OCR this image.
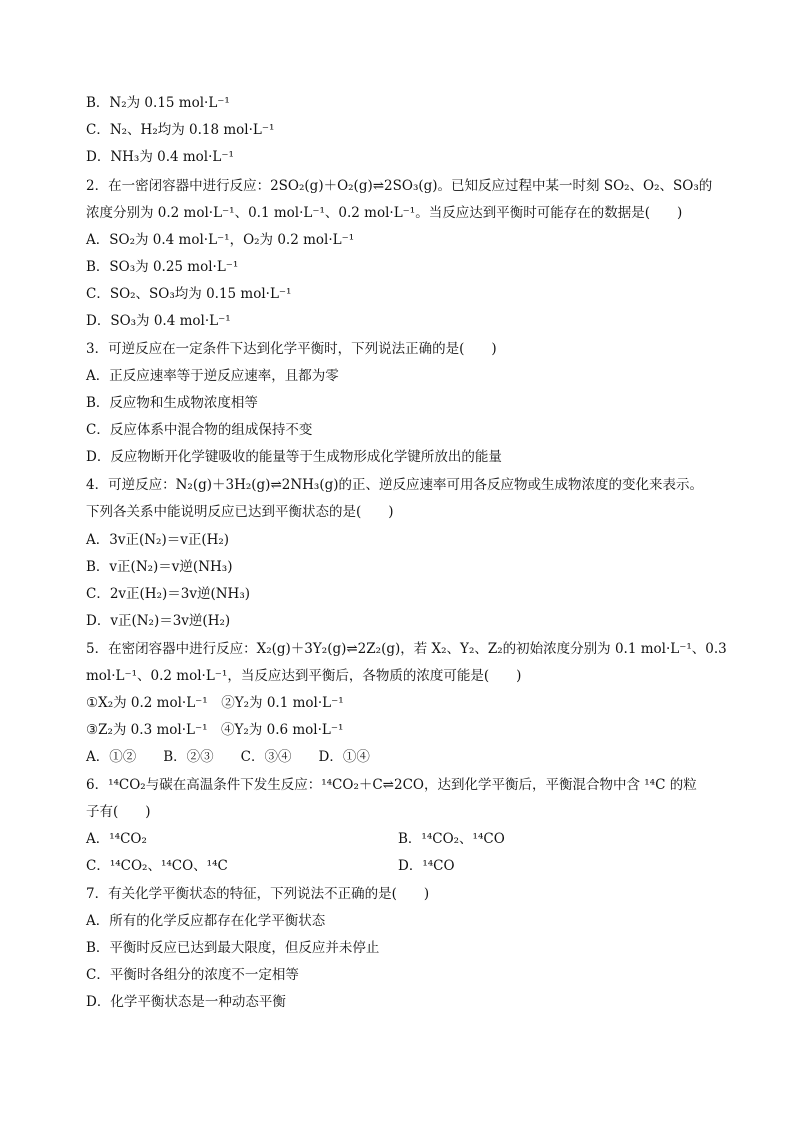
B．N₂为 0.15 mol·L⁻¹
C．N₂、H₂均为 0.18 mol·L⁻¹
D．NH₃为 0.4 mol·L⁻¹
2．在一密闭容器中进行反应：2SO₂(g)＋O₂(g)⇌2SO₃(g)。已知反应过程中某一时刻 SO₂、O₂、SO₃的
浓度分别为 0.2 mol·L⁻¹、0.1 mol·L⁻¹、0.2 mol·L⁻¹。当反应达到平衡时可能存在的数据是(　　)
A．SO₂为 0.4 mol·L⁻¹，O₂为 0.2 mol·L⁻¹
B．SO₃为 0.25 mol·L⁻¹
C．SO₂、SO₃均为 0.15 mol·L⁻¹
D．SO₃为 0.4 mol·L⁻¹
3．可逆反应在一定条件下达到化学平衡时，下列说法正确的是(　　)
A．正反应速率等于逆反应速率，且都为零
B．反应物和生成物浓度相等
C．反应体系中混合物的组成保持不变
D．反应物断开化学键吸收的能量等于生成物形成化学键所放出的能量
4．可逆反应：N₂(g)＋3H₂(g)⇌2NH₃(g)的正、逆反应速率可用各反应物或生成物浓度的变化来表示。
下列各关系中能说明反应已达到平衡状态的是(　　)
A．3v正(N₂)＝v正(H₂)
B．v正(N₂)＝v逆(NH₃)
C．2v正(H₂)＝3v逆(NH₃)
D．v正(N₂)＝3v逆(H₂)
5．在密闭容器中进行反应：X₂(g)＋3Y₂(g)⇌2Z₂(g)，若 X₂、Y₂、Z₂的初始浓度分别为 0.1 mol·L⁻¹、0.3
mol·L⁻¹、0.2 mol·L⁻¹，当反应达到平衡后，各物质的浓度可能是(　　)
①X₂为 0.2 mol·L⁻¹　②Y₂为 0.1 mol·L⁻¹
③Z₂为 0.3 mol·L⁻¹　④Y₂为 0.6 mol·L⁻¹
A．①②　　B．②③　　C．③④　　D．①④
6．¹⁴CO₂与碳在高温条件下发生反应：¹⁴CO₂＋C⇌2CO，达到化学平衡后，平衡混合物中含 ¹⁴C 的粒
子有(　　)
A．¹⁴CO₂	B．¹⁴CO₂、¹⁴CO
C．¹⁴CO₂、¹⁴CO、¹⁴C	D．¹⁴CO
7．有关化学平衡状态的特征，下列说法不正确的是(　　)
A．所有的化学反应都存在化学平衡状态
B．平衡时反应已达到最大限度，但反应并未停止
C．平衡时各组分的浓度不一定相等
D．化学平衡状态是一种动态平衡
